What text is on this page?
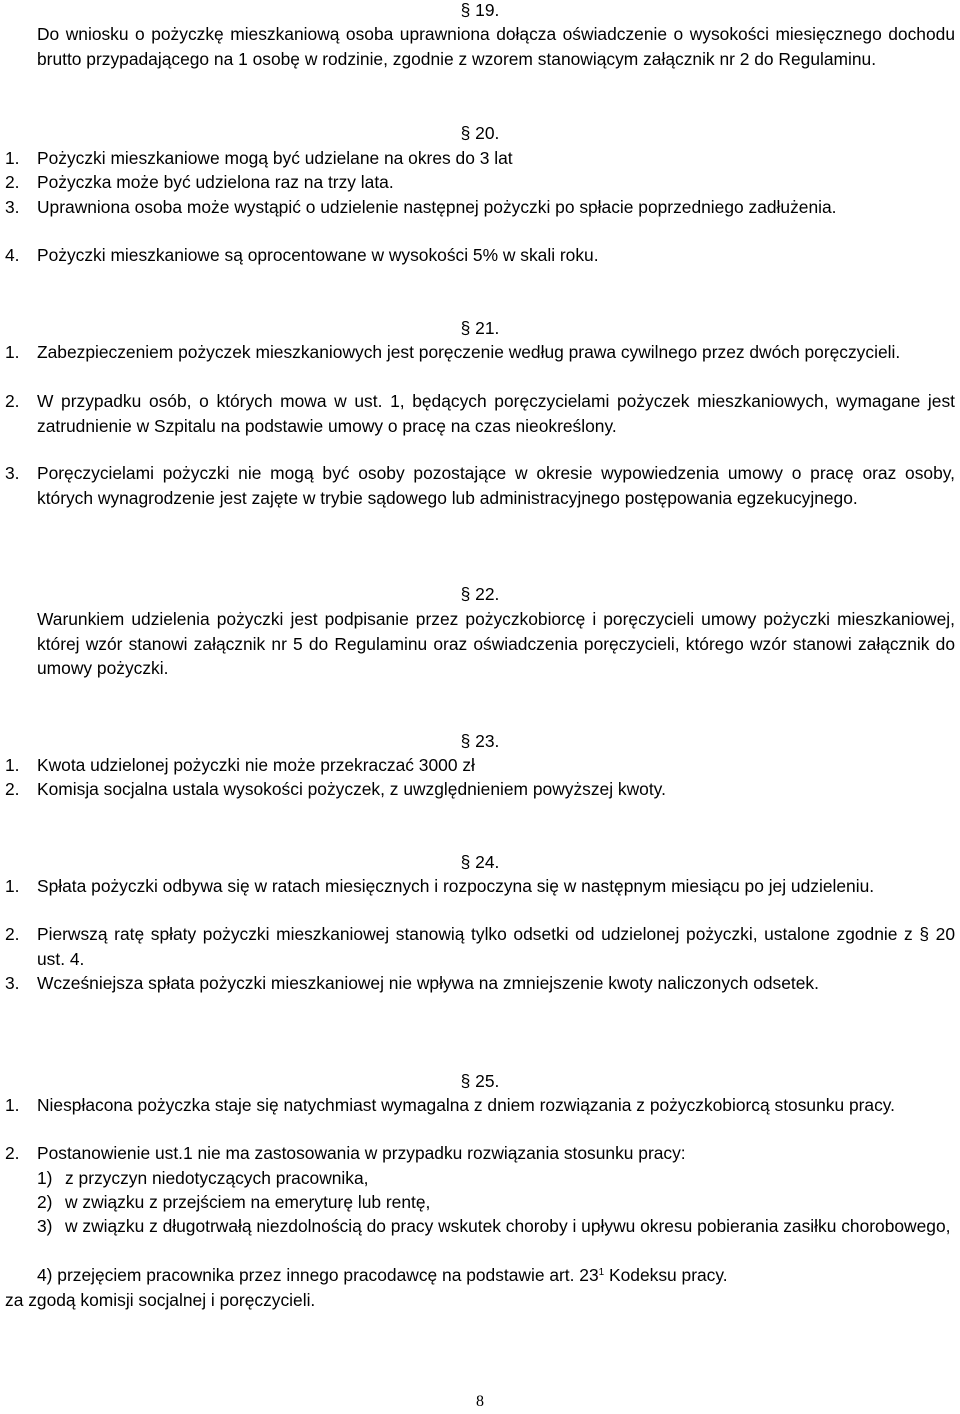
§ 19.
Do wniosku o pożyczkę mieszkaniową osoba uprawniona dołącza oświadczenie o wysokości miesięcznego dochodu brutto przypadającego na 1 osobę w rodzinie, zgodnie z wzorem stanowiącym załącznik nr 2 do Regulaminu.
§ 20.
1. Pożyczki mieszkaniowe mogą być udzielane na okres do 3 lat
2. Pożyczka może być udzielona raz na trzy lata.
3. Uprawniona osoba może wystąpić o udzielenie następnej pożyczki po spłacie poprzedniego zadłużenia.
4. Pożyczki mieszkaniowe są oprocentowane w wysokości 5% w skali roku.
§ 21.
1. Zabezpieczeniem pożyczek mieszkaniowych jest poręczenie według prawa cywilnego przez dwóch poręczycieli.
2. W przypadku osób, o których mowa w ust. 1, będących poręczycielami pożyczek mieszkaniowych, wymagane jest zatrudnienie w Szpitalu na podstawie umowy o pracę na czas nieokreślony.
3. Poręczycielami pożyczki nie mogą być osoby pozostające w okresie wypowiedzenia umowy o pracę oraz osoby, których wynagrodzenie jest zajęte w trybie sądowego lub administracyjnego postępowania egzekucyjnego.
§ 22.
Warunkiem udzielenia pożyczki jest podpisanie przez pożyczkobiorcę i poręczycieli umowy pożyczki mieszkaniowej, której wzór stanowi załącznik nr 5 do Regulaminu oraz oświadczenia poręczycieli, którego wzór stanowi załącznik do umowy pożyczki.
§ 23.
1. Kwota udzielonej pożyczki nie może przekraczać 3000 zł
2. Komisja socjalna ustala wysokości pożyczek, z uwzględnieniem powyższej kwoty.
§ 24.
1. Spłata pożyczki odbywa się w ratach miesięcznych i rozpoczyna się w następnym miesiącu po jej udzieleniu.
2. Pierwszą ratę spłaty pożyczki mieszkaniowej stanowią tylko odsetki od udzielonej pożyczki, ustalone zgodnie z § 20 ust. 4.
3. Wcześniejsza spłata pożyczki mieszkaniowej nie wpływa na zmniejszenie kwoty naliczonych odsetek.
§ 25.
1. Niespłacona pożyczka staje się natychmiast wymagalna z dniem rozwiązania z pożyczkobiorcą stosunku pracy.
2. Postanowienie ust.1 nie ma zastosowania w przypadku rozwiązania stosunku pracy:
1) z przyczyn niedotyczących pracownika,
2) w związku z przejściem na emeryturę lub rentę,
3) w związku z długotrwałą niezdolnością do pracy wskutek choroby i upływu okresu pobierania zasiłku chorobowego,
4) przejęciem pracownika przez innego pracodawcę na podstawie art. $23^1$ Kodeksu pracy.
za zgodą komisji socjalnej i poręczycieli.
8
